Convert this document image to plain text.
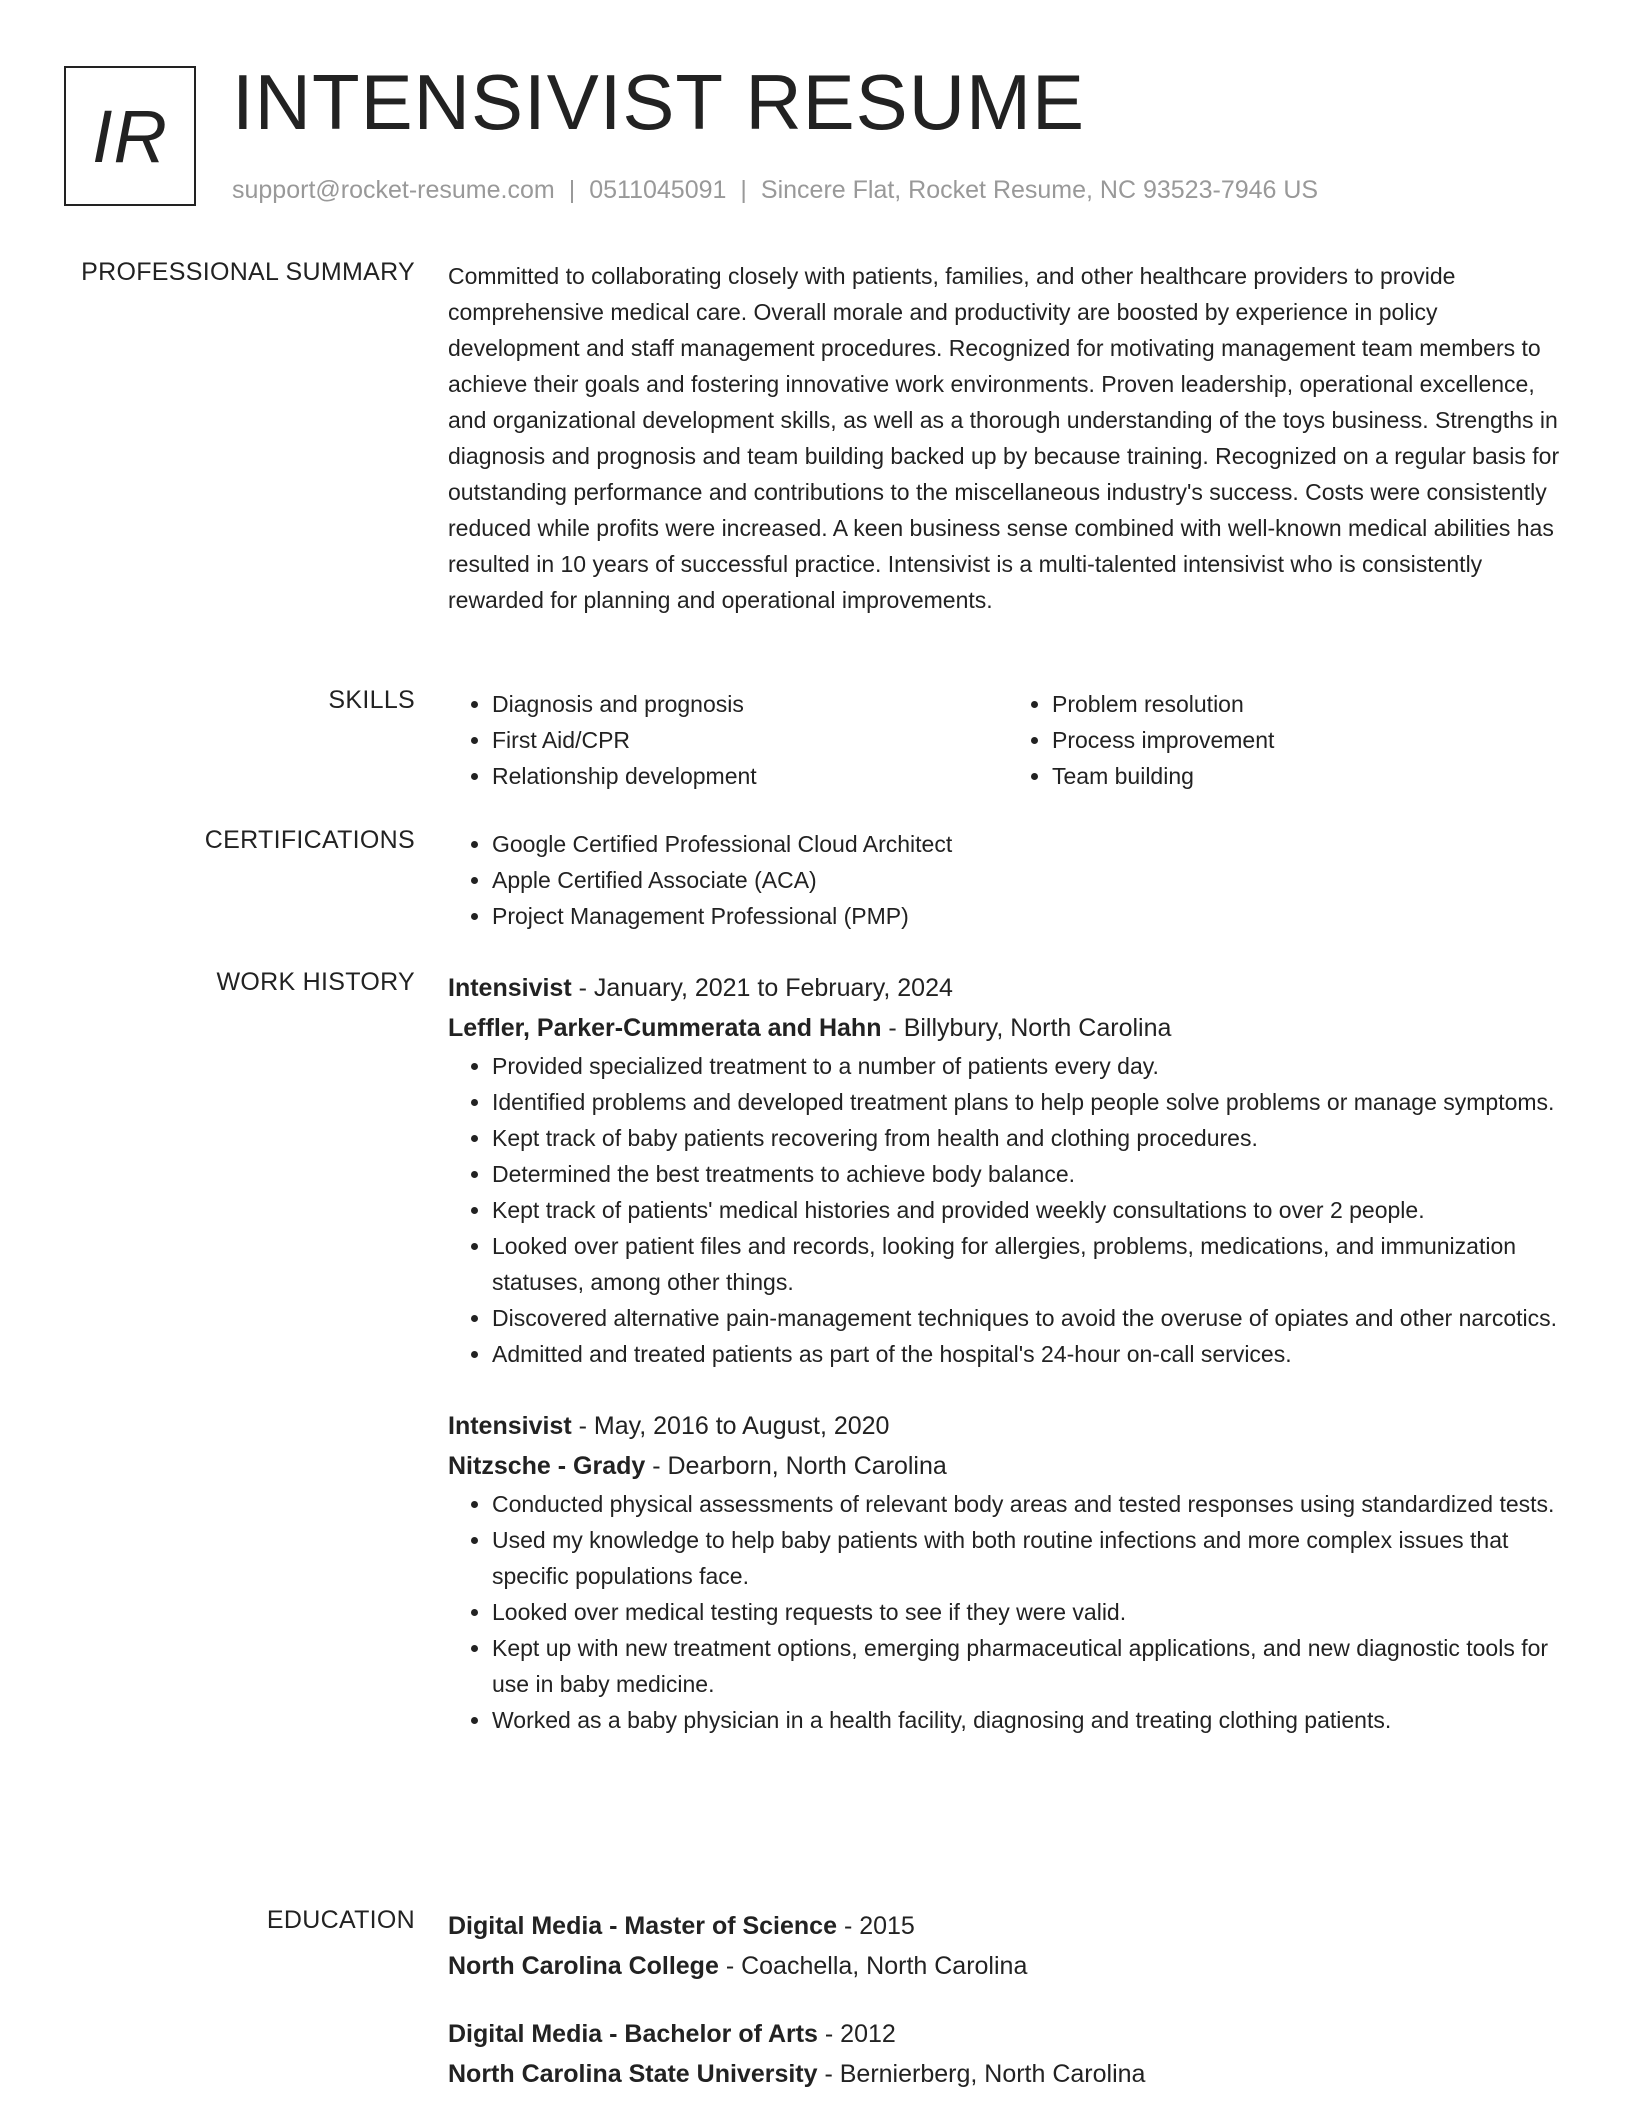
IR INTENSIVIST RESUME
support@rocket-resume.com | 0511045091 | Sincere Flat, Rocket Resume, NC 93523-7946 US
PROFESSIONAL SUMMARY Committed to collaborating closely with patients, families, and other healthcare providers to provide comprehensive medical care. Overall morale and productivity are boosted by experience in policy development and staff management procedures. Recognized for motivating management team members to achieve their goals and fostering innovative work environments. Proven leadership, operational excellence, and organizational development skills, as well as a thorough understanding of the toys business. Strengths in diagnosis and prognosis and team building backed up by because training. Recognized on a regular basis for outstanding performance and contributions to the miscellaneous industry's success. Costs were consistently reduced while profits were increased. A keen business sense combined with well-known medical abilities has resulted in 10 years of successful practice. Intensivist is a multi-talented intensivist who is consistently rewarded for planning and operational improvements.

SKILLS	• Diagnosis and prognosis
• First Aid/CPR
• Relationship development
• Problem resolution
• Process improvement
• Team building
CERTIFICATIONS	• Google Certified Professional Cloud Architect
• Apple Certified Associate (ACA)
• Project Management Professional (PMP)
WORK HISTORY Intensivist - January, 2021 to February, 2024
Leffler, Parker-Cummerata and Hahn - Billybury, North Carolina
• Provided specialized treatment to a number of patients every day.
• Identified problems and developed treatment plans to help people solve problems or manage symptoms.
• Kept track of baby patients recovering from health and clothing procedures.
• Determined the best treatments to achieve body balance.
• Kept track of patients' medical histories and provided weekly consultations to over 2 people.
• Looked over patient files and records, looking for allergies, problems, medications, and immunization statuses, among other things.
• Discovered alternative pain-management techniques to avoid the overuse of opiates and other narcotics.
• Admitted and treated patients as part of the hospital's 24-hour on-call services.
Intensivist - May, 2016 to August, 2020
Nitzsche - Grady - Dearborn, North Carolina
• Conducted physical assessments of relevant body areas and tested responses using standardized tests.
• Used my knowledge to help baby patients with both routine infections and more complex issues that specific populations face.
• Looked over medical testing requests to see if they were valid.
• Kept up with new treatment options, emerging pharmaceutical applications, and new diagnostic tools for use in baby medicine.
• Worked as a baby physician in a health facility, diagnosing and treating clothing patients.
EDUCATION Digital Media - Master of Science - 2015
North Carolina College - Coachella, North Carolina
Digital Media - Bachelor of Arts - 2012
North Carolina State University - Bernierberg, North Carolina
